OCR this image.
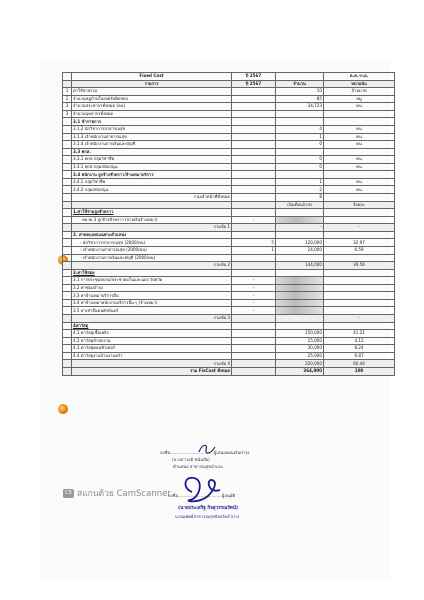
	Fixed Cost	ปี 2567		ต.ค.-ก.ย.
	รายการ	ปี 2567	จำนวน	หน่วยนับ
1	ค่าใช้จ่ายรวม		10	ล้านบาท
2	จำนวนหมู่บ้านในเขตรับผิดชอบ		85	หมู่
3	จำนวนประชากรทั้งหมด (คน)		34,723	คน
3	จำนวนบุคลากรทั้งหมด			
	3.1 ข้าราชการ			
	3.1.2 นักวิชาการสาธารณสุข		4	คน
	3.1.3 เจ้าพนักงานสาธารณสุข		1	คน
	3.1.4 เจ้าพนักงานการเงินและบัญชี		0	คน
	3.3 พกส.			
	3.3.1 พกส.กลุ่มวิชาชีพ		0	คน
	3.3.1 พกส.กลุ่มสนับสนุน		0	คน
	3.4 พนักงาน ลูกจ้างชั่วคราว/จ้างเหมาบริการ			
	3.4.1 กลุ่มวิชาชีพ		1	คน
	3.4.2 กลุ่มสนับสนุน		2	คน
	รวมเจ้าหน้าที่ทั้งหมด		8	
			เงินเดือน/บาท	ร้อยละ
	1.ค่าใช้จ่ายสูงชั่วคราว			
	หมวด 3 ลูกจ้างชั่วคราว (จ่ายเงินจ้างเหมา)	-		
	รวมข้อ 1		-	-
	2. ค่าตอบแทนเฉพาะตำแหน่ง			
	- นักวิชาการสาธารณสุข (2000/คน)	5	120,000	32.97
	- เจ้าพนักงานสาธารณสุข (2000/คน)	1	24,000	6.59
	- เจ้าพนักงานการเงินและบัญชี (2000/คน)			
	รวมข้อ 2		144,000	39.56
	3.ค่าใช้สอย			
	3.1 การประชุมอบรม/ประชาคมในและนอก จังหวัด	-		
	3.2 ค่าซ่อมบำรุง	-		
	3.3 ค่าจ้างเหมาบริการอื่น	-		
	3.4 ค่าจ้างเหมาพนักงานบริการอื่น ๆ (จ้างเหมา)	-		
	3.5 ค่าเช่าอื่นคนยักษ์นอร์	-		
	รวมข้อ 3			-
	4ค่าวัสดุ			
	4.1 ค่าวัสดุเชื้อเพลิง		150,000	41.21
	4.2 ค่าวัสดุสำนักงาน		15,000	4.12
	4.3 ค่าวัสดุคอมพิวเตอร์		30,000	8.24
	4.4 ค่าวัสดุงานบ้านงานครัว		25,000	6.87
	รวมข้อ 4		220,000	60.44
	รวม FixCost ทั้งหมด		364,000	100
ลงชื่อ.................................ผู้เสนอแผนเงินบำรุง
(นางสาวอธิ ชนันสัย)
ตำแหน่ง สาธารณสุขอำเภอ
ลงชื่อ.................................ผู้อนุมัติ
(นายประเสริฐ กิจสุวรรณรัตน์)
นายแพทย์สาธารณสุขจังหวัดลำปาง
CS สแกนด้วย CamScanner
